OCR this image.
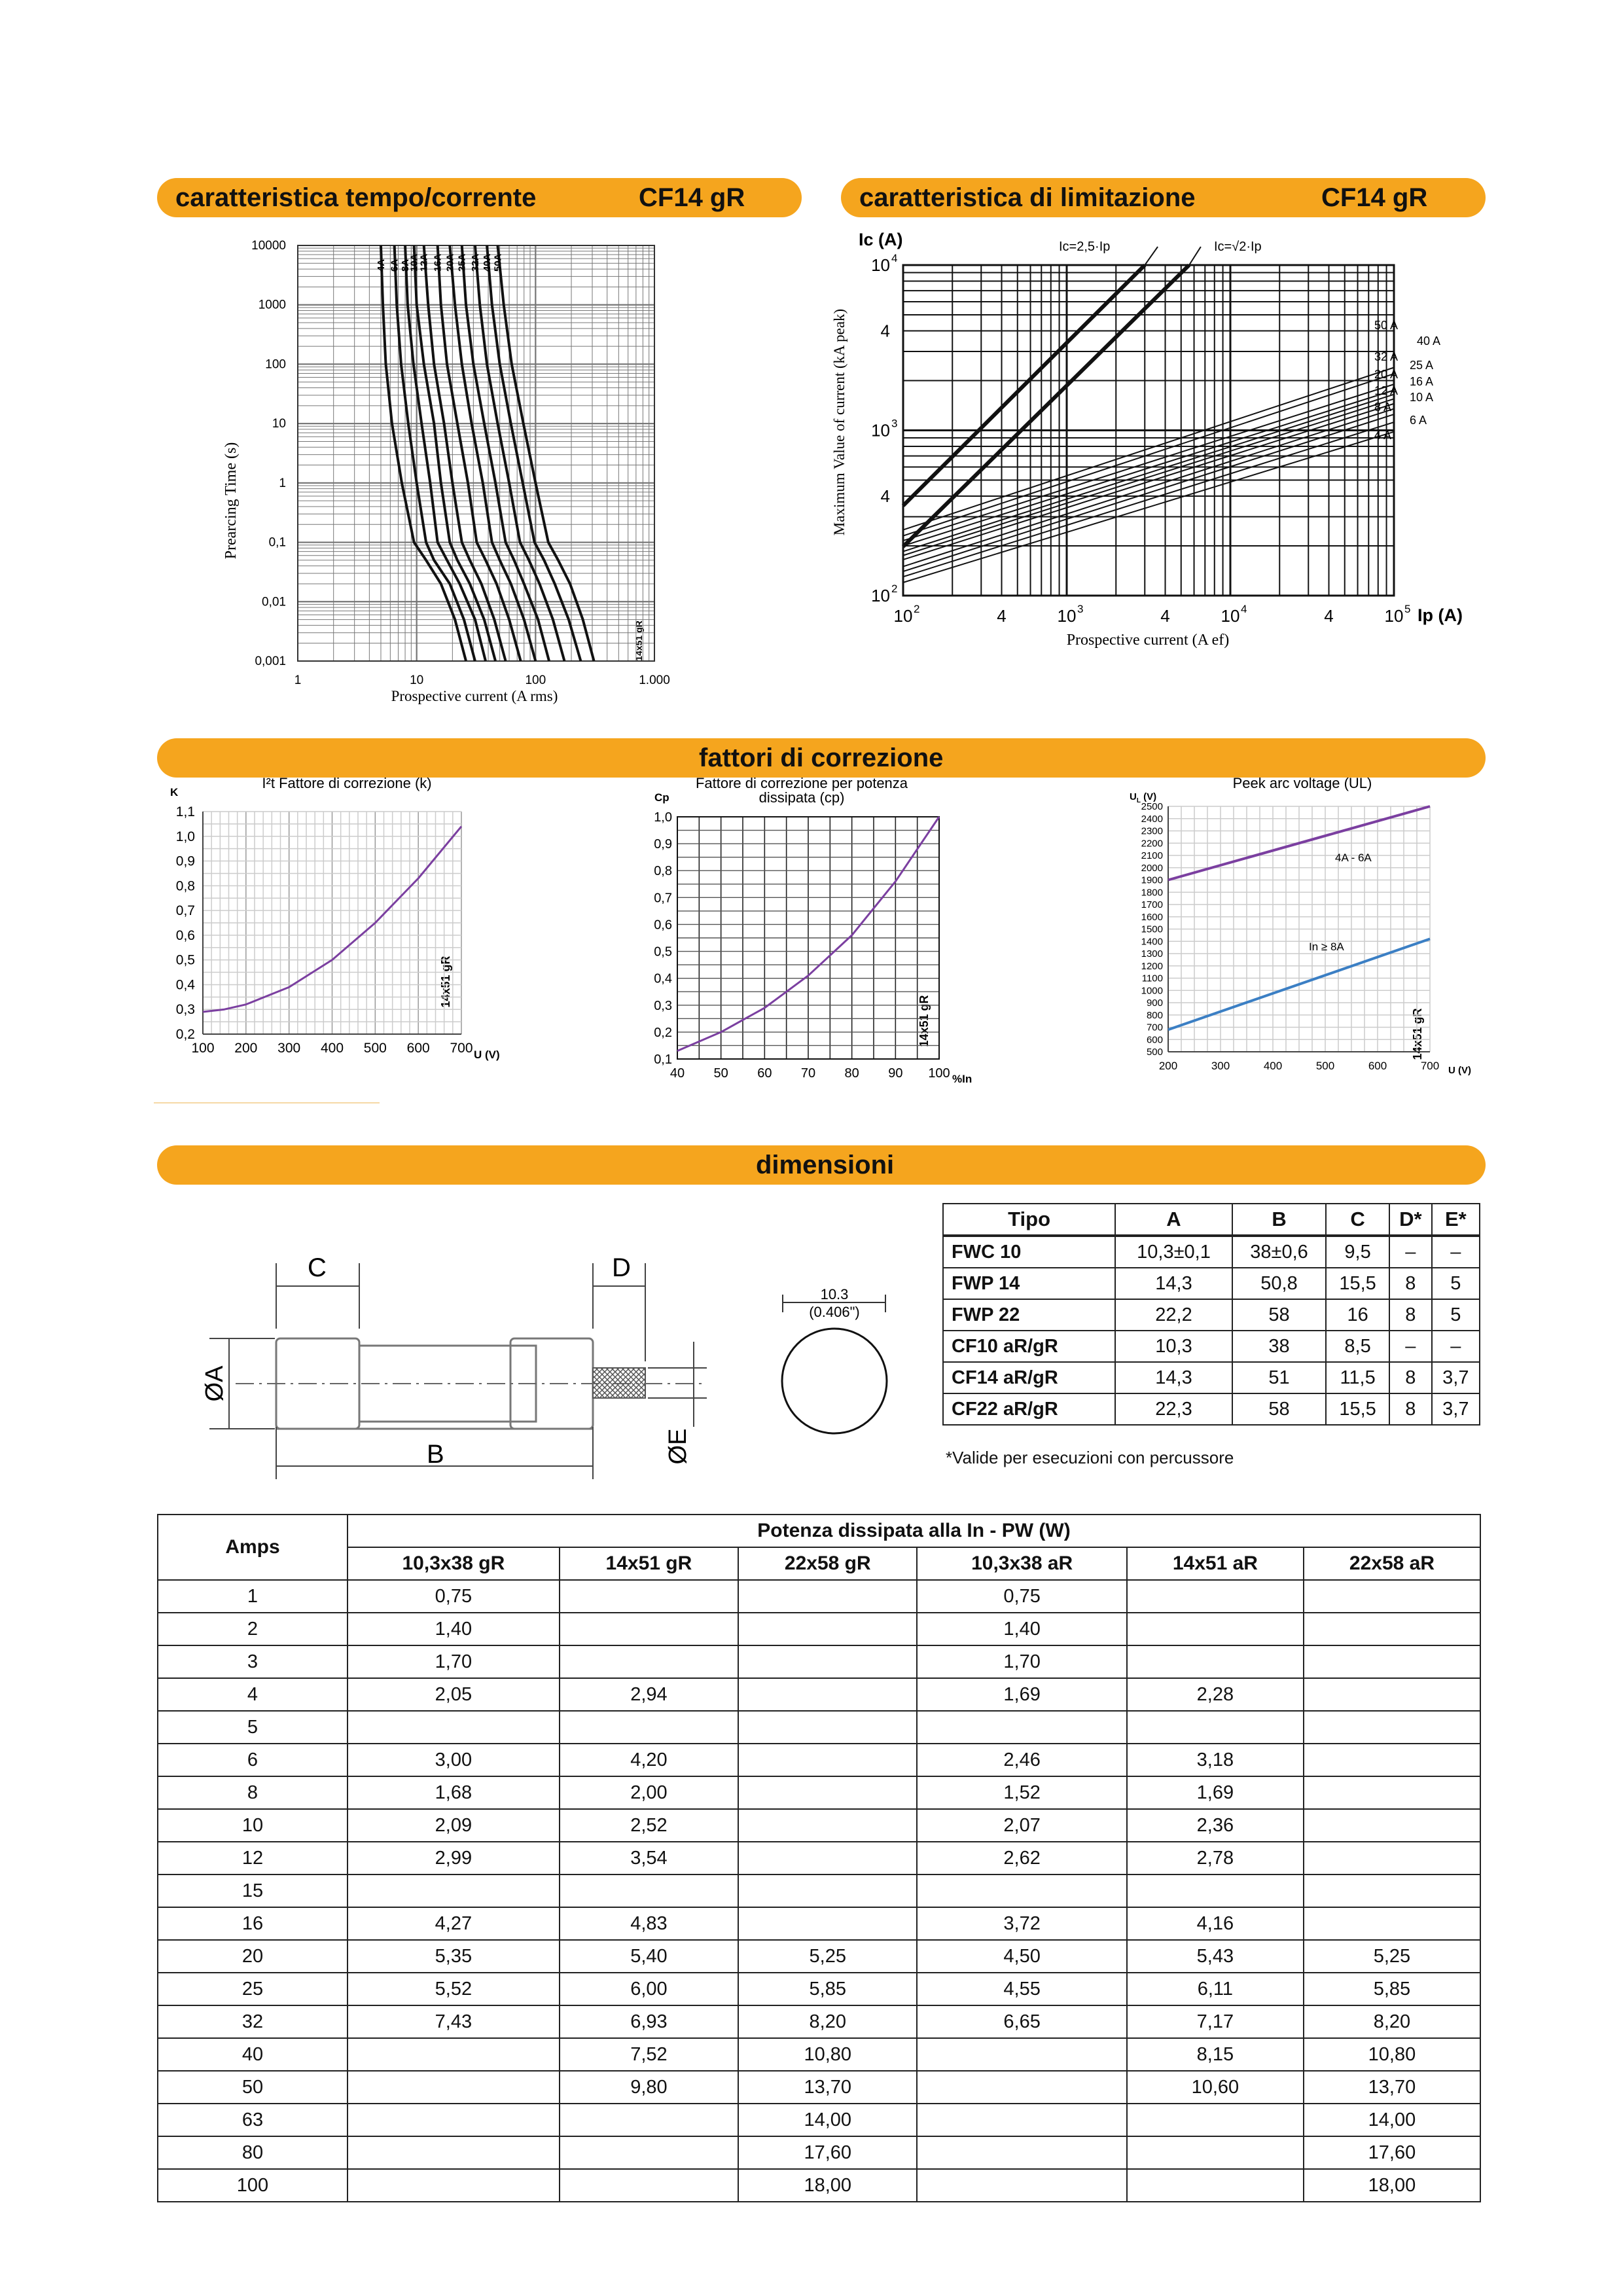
caratteristica tempo/corrente	CF14 gR	caratteristica di limitazione	CF14 gR
fattori di correzione
dimensioni
Prearcing Time (s)
Prospective current (A rms)
14x51 gR
10000
1000
100
10
1
0,1
0,01
0,001
1	10	100	1.000
4A 6A 8A
10A
12A 16A 20A 25A 32A 40A 50A
Ic (A)
Maximum Value of current (kA peak)
Prospective current (A ef)
Ip (A)
Ic=2,5·Ip	Ic=√2·Ip
10 2	4	10 3	4	10 4	4	10 5
10 4
4
10 3
4
10 2
50 A
40 A
32 A
25 A
20 A
16 A
12 A 10 A
8 A
6 A
4 A
I²t Fattore di correzione (k)
K
U (V)
14x51 gR
1,1
1,0
0,9
0,8
0,7
0,6
0,5
0,4
0,3
0,2
100 200 300 400 500 600 700
Fattore di correzione per potenza
dissipata (cp)
Cp
%In
14x51 gR
1,0
0,9
0,8
0,7
0,6
0,5
0,4
0,3
0,2
0,1
40 50 60 70 80 90 100
Peek arc voltage (UL)
$U_L$ (V)
U (V)
14x51 gR
2500
2400
2300
2200
2100
2000
1900
1800
1700
1600
1500
1400
1300
1200
1100
1000
900
800
700
600
500
200	300	400	500	600	700
4A - 6A
In ≥ 8A
C	D
ØA
ØE
B
10.3
(0.406")
Tipo	A	B	C	D*	E*
FWC 10	10,3±0,1	38±0,6	9,5	–	–
FWP 14	14,3	50,8	15,5	8	5
FWP 22	22,2	58	16	8	5
CF10 aR/gR	10,3	38	8,5	–	–
CF14 aR/gR	14,3	51	11,5	8	3,7
CF22 aR/gR	22,3	58	15,5	8	3,7
*Valide per esecuzioni con percussore
Amps	Potenza dissipata alla In - PW (W)					
	10,3x38 gR	14x51 gR	22x58 gR	10,3x38 aR	14x51 aR	22x58 aR
1	0,75			0,75		
2	1,40			1,40		
3	1,70			1,70		
4	2,05	2,94		1,69	2,28	
5						
6	3,00	4,20		2,46	3,18	
8	1,68	2,00		1,52	1,69	
10	2,09	2,52		2,07	2,36	
12	2,99	3,54		2,62	2,78	
15						
16	4,27	4,83		3,72	4,16	
20	5,35	5,40	5,25	4,50	5,43	5,25
25	5,52	6,00	5,85	4,55	6,11	5,85
32	7,43	6,93	8,20	6,65	7,17	8,20
40		7,52	10,80		8,15	10,80
50		9,80	13,70		10,60	13,70
63			14,00			14,00
80			17,60			17,60
100			18,00			18,00
